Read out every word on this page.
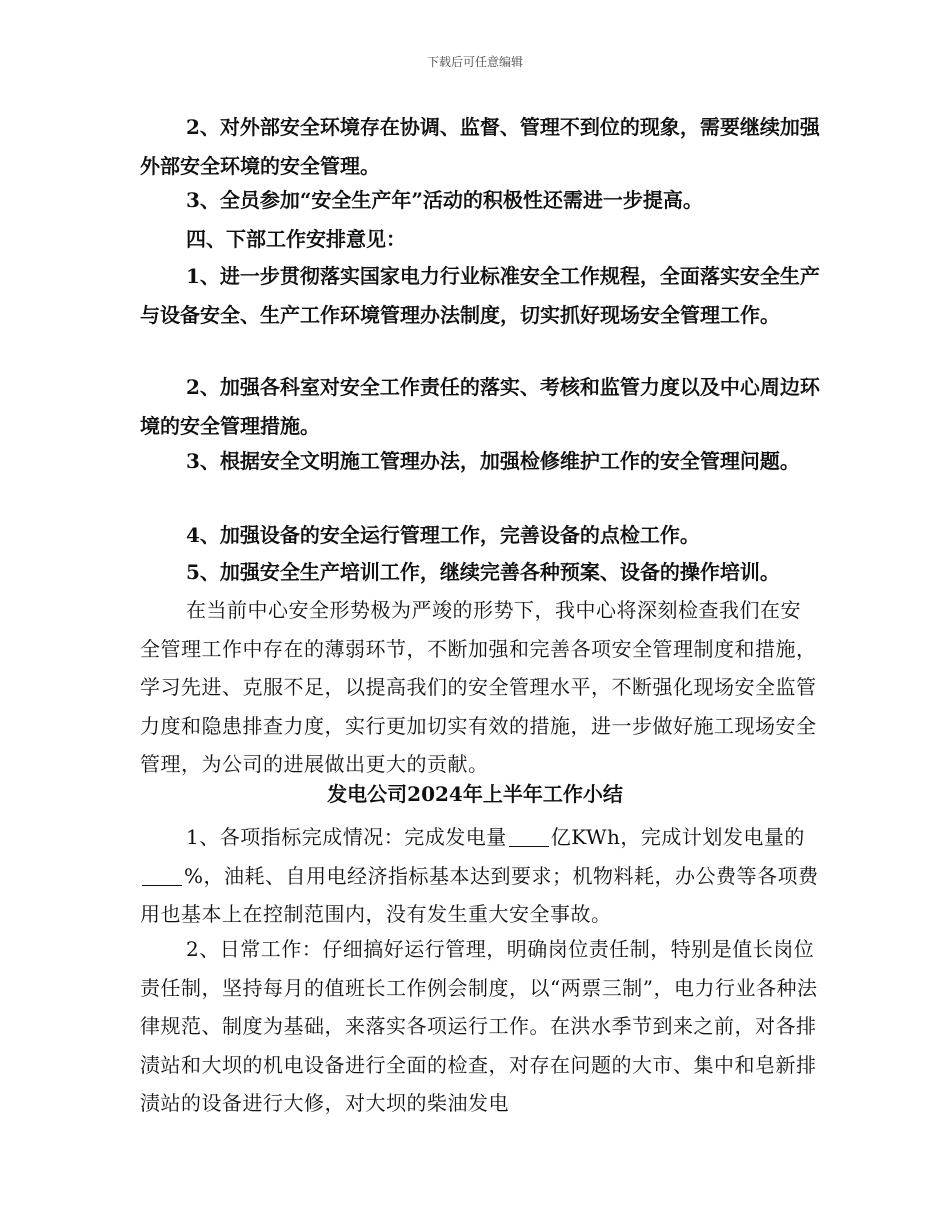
下载后可任意编辑

2、对外部安全环境存在协调、监督、管理不到位的现象，需要继续加强外部安全环境的安全管理。

3、全员参加“安全生产年”活动的积极性还需进一步提高。

四、下部工作安排意见：

1、进一步贯彻落实国家电力行业标准安全工作规程，全面落实安全生产与设备安全、生产工作环境管理办法制度，切实抓好现场安全管理工作。

2、加强各科室对安全工作责任的落实、考核和监管力度以及中心周边环境的安全管理措施。

3、根据安全文明施工管理办法，加强检修维护工作的安全管理问题。

4、加强设备的安全运行管理工作，完善设备的点检工作。

5、加强安全生产培训工作，继续完善各种预案、设备的操作培训。

在当前中心安全形势极为严竣的形势下，我中心将深刻检查我们在安全管理工作中存在的薄弱环节，不断加强和完善各项安全管理制度和措施，学习先进、克服不足，以提高我们的安全管理水平，不断强化现场安全监管力度和隐患排查力度，实行更加切实有效的措施，进一步做好施工现场安全管理，为公司的进展做出更大的贡献。

发电公司2024年上半年工作小结

1、各项指标完成情况：完成发电量 亿KWh，完成计划发电量的%，油耗、自用电经济指标基本达到要求；机物料耗，办公费等各项费用也基本上在控制范围内，没有发生重大安全事故。

2、日常工作：仔细搞好运行管理，明确岗位责任制，特别是值长岗位责任制，坚持每月的值班长工作例会制度，以“两票三制”，电力行业各种法律规范、制度为基础，来落实各项运行工作。在洪水季节到来之前，对各排渍站和大坝的机电设备进行全面的检查，对存在问题的大市、集中和皂新排渍站的设备进行大修，对大坝的柴油发电
